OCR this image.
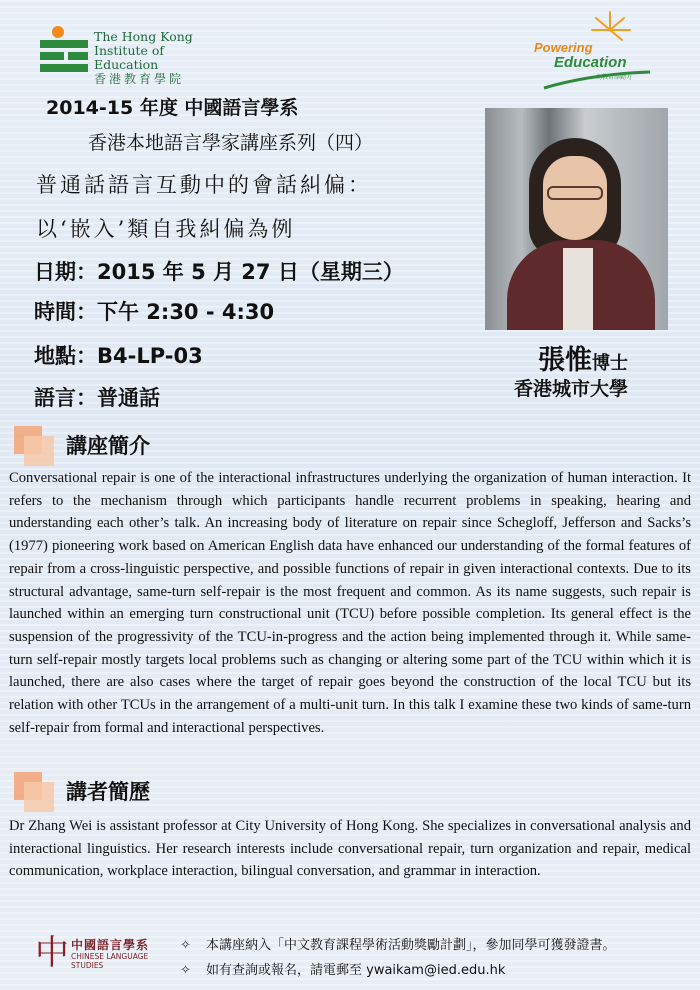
The Hong Kong
Institute of Education
香港教育學院
Powering
Education
為教育添動力
2014-15 年度 中國語言學系
香港本地語言學家講座系列（四）
普通話語言互動中的會話糾偏：
以‘嵌入’類自我糾偏為例
日期：2015 年 5 月 27 日（星期三）
時間：下午 2:30 - 4:30
地點：B4-LP-03
語言：普通話
張惟博士
香港城市大學
講座簡介
Conversational repair is one of the interactional infrastructures underlying the organization of human interaction. It refers to the mechanism through which participants handle recurrent problems in speaking, hearing and understanding each other’s talk. An increasing body of literature on repair since Schegloff, Jefferson and Sacks’s (1977) pioneering work based on American English data have enhanced our understanding of the formal features of repair from a cross-linguistic perspective, and possible functions of repair in given interactional contexts. Due to its structural advantage, same-turn self-repair is the most frequent and common. As its name suggests, such repair is launched within an emerging turn constructional unit (TCU) before possible completion. Its general effect is the suspension of the progressivity of the TCU-in-progress and the action being implemented through it. While same-turn self-repair mostly targets local problems such as changing or altering some part of the TCU within which it is launched, there are also cases where the target of repair goes beyond the construction of the local TCU but its relation with other TCUs in the arrangement of a multi-unit turn. In this talk I examine these two kinds of same-turn self-repair from formal and interactional perspectives.
講者簡歷
Dr Zhang Wei is assistant professor at City University of Hong Kong. She specializes in conversational analysis and interactional linguistics. Her research interests include conversational repair, turn organization and repair, medical communication, workplace interaction, bilingual conversation, and grammar in interaction.
中 中國語言學系
CHINESE LANGUAGE
STUDIES
✧ 本講座納入「中文教育課程學術活動獎勵計劃」，參加同學可獲發證書。
✧ 如有查詢或報名，請電郵至 ywaikam@ied.edu.hk
